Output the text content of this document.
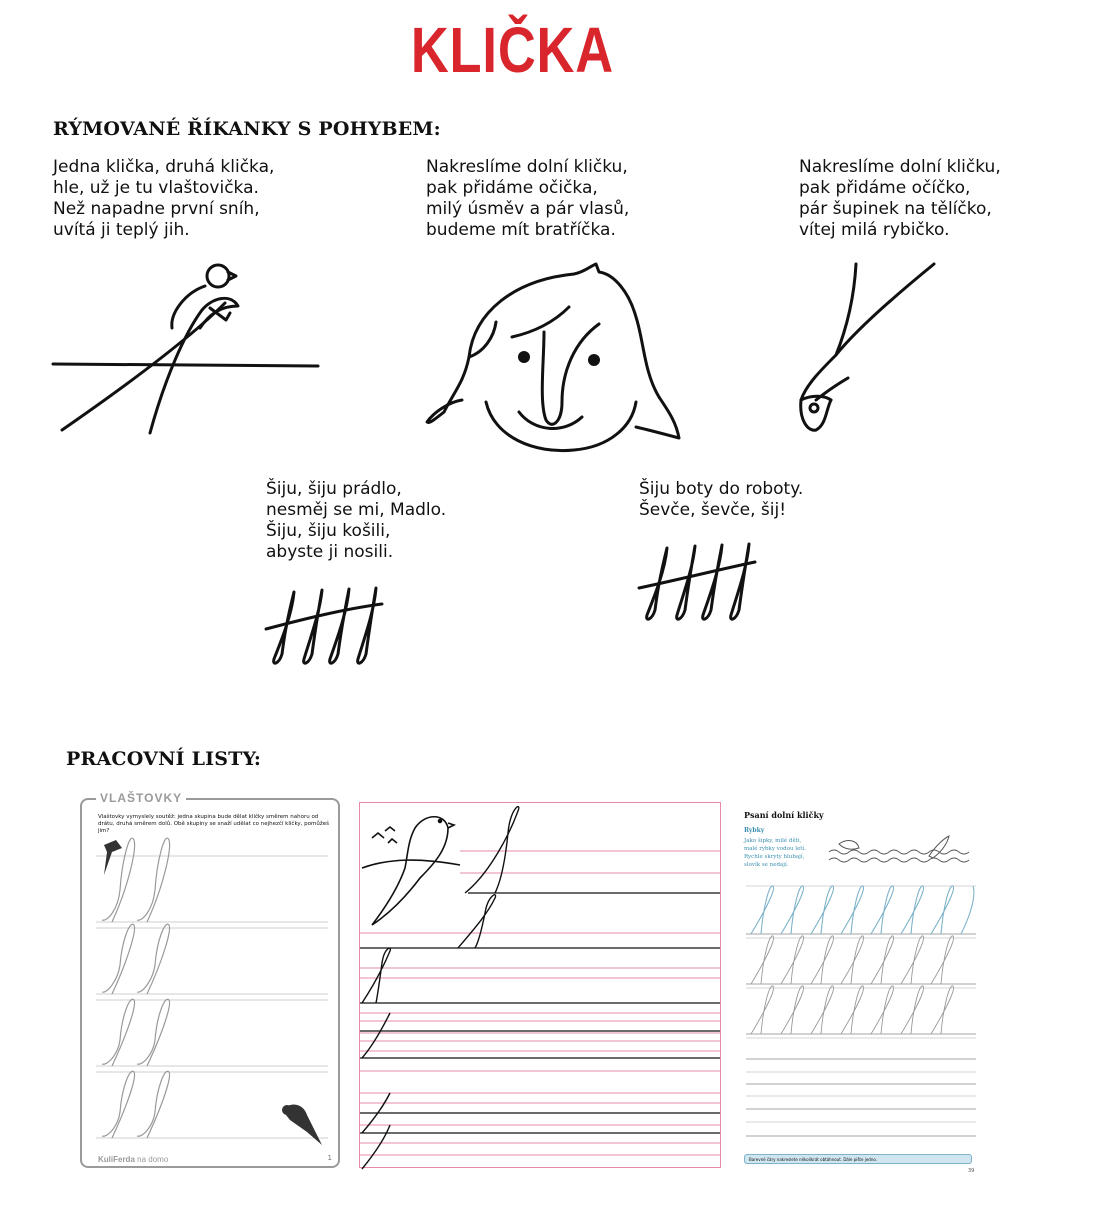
KLIČKA
RÝMOVANÉ ŘÍKANKY S POHYBEM:
Jedna klička, druhá klička,
hle, už je tu vlaštovička.
Než napadne první sníh,
uvítá ji teplý jih.
Nakreslíme dolní kličku,
pak přidáme očička,
milý úsměv a pár vlasů,
budeme mít bratříčka.
Nakreslíme dolní kličku,
pak přidáme očíčko,
pár šupinek na tělíčko,
vítej milá rybičko.
Šiju, šiju prádlo,
nesměj se mi, Madlo.
Šiju, šiju košili,
abyste ji nosili.
Šiju boty do roboty.
Ševče, ševče, šij!
PRACOVNÍ LISTY:
VLAŠTOVKY
Vlaštovky vymyslely soutěž: jedna skupina bude dělat kličky směrem nahoru od drátu, druhá směrem dolů. Obě skupiny se snaží udělat co nejhezčí kličky, pomůžeš jim?
KuliFerda na domo	1
Psaní dolní kličky
Rybky
Jako šipky, milé děti,
malé rybky vodou letí.
Rychle skryty hlubají,
slovík se nedají.
Barevné čáry nakreslete několikrát obtáhnout. Dále pište jedno.
39
